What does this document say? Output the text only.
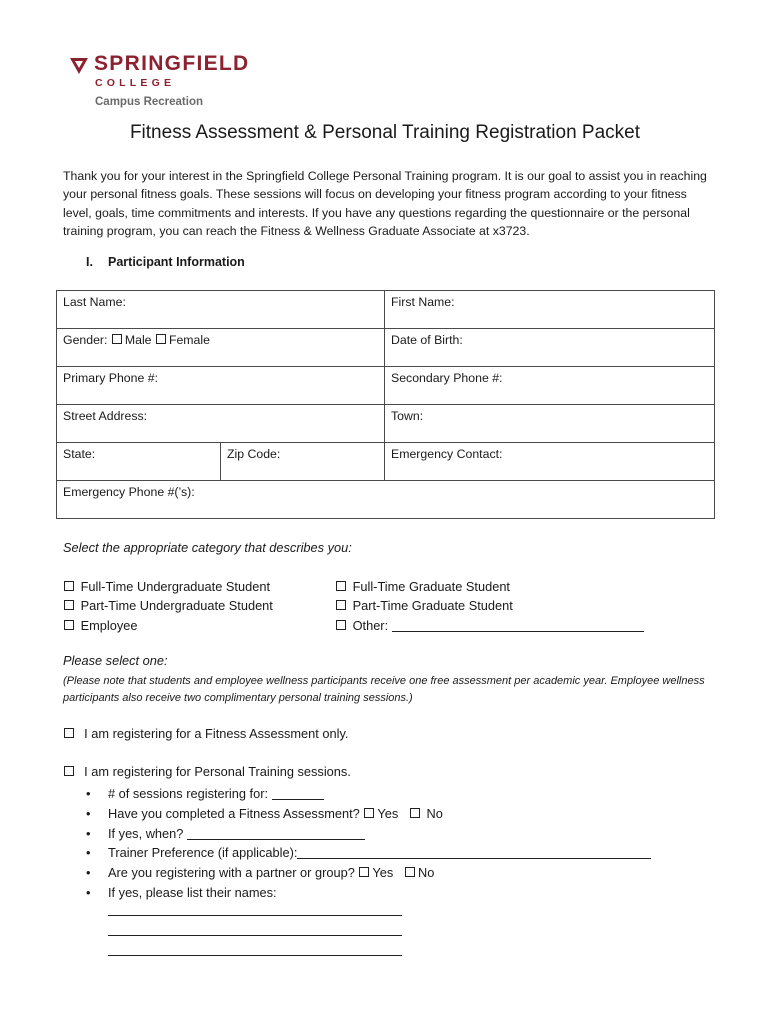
SPRINGFIELD
COLLEGE
Campus Recreation
Fitness Assessment & Personal Training Registration Packet
Thank you for your interest in the Springfield College Personal Training program. It is our goal to assist you in reaching your personal fitness goals. These sessions will focus on developing your fitness program according to your fitness level, goals, time commitments and interests. If you have any questions regarding the questionnaire or the personal training program, you can reach the Fitness & Wellness Graduate Associate at x3723.
I. Participant Information
Last Name:		First Name:

Gender: Male Female		Date of Birth:

Primary Phone #:		Secondary Phone #:

Street Address:		Town:

State:	Zip Code:	Emergency Contact:

Emergency Phone #(’s):		
Select the appropriate category that describes you:
Full-Time Undergraduate Student
Part-Time Undergraduate Student
Employee
Full-Time Graduate Student
Part-Time Graduate Student
Other:
Please select one:
(Please note that students and employee wellness participants receive one free assessment per academic year. Employee wellness participants also receive two complimentary personal training sessions.)
I am registering for a Fitness Assessment only.
I am registering for Personal Training sessions.
• # of sessions registering for:
• Have you completed a Fitness Assessment? Yes No
• If yes, when?
• Trainer Preference (if applicable):
• Are you registering with a partner or group? Yes No
• If yes, please list their names:
